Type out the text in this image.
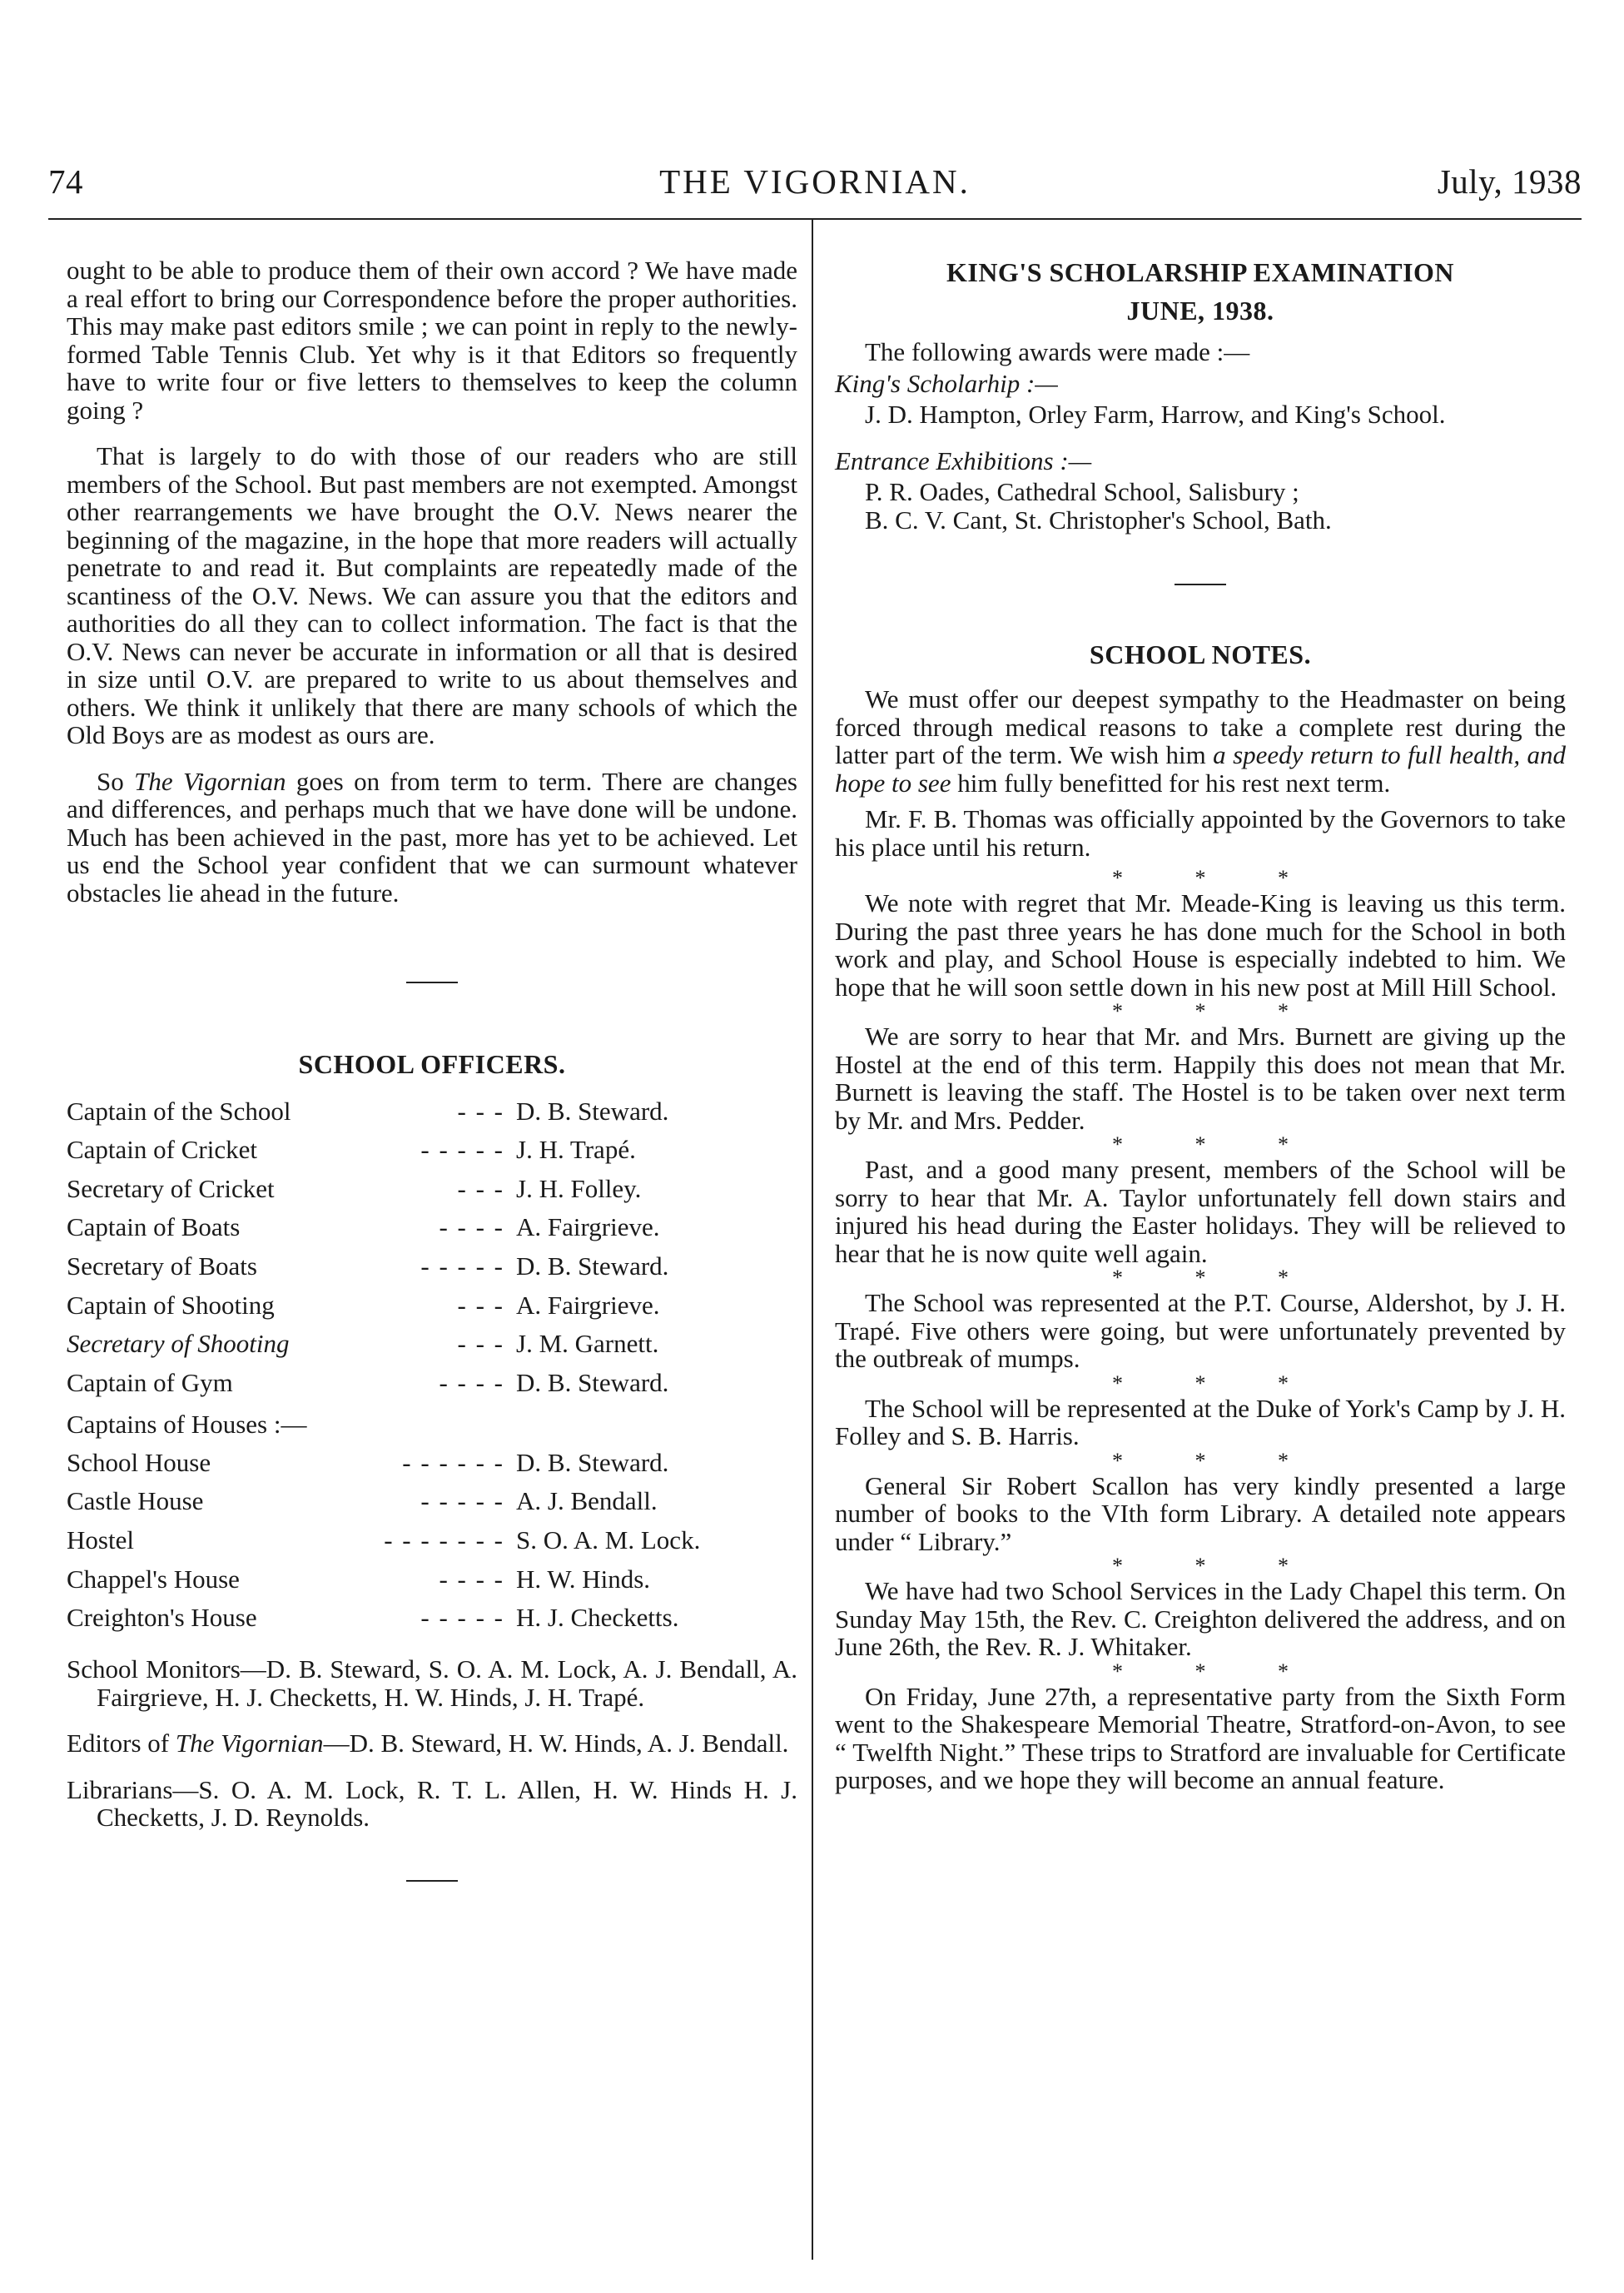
74	THE VIGORNIAN.	July, 1938

ought to be able to produce them of their own accord ? We have made a real effort to bring our Correspondence before the proper authorities. This may make past editors smile ; we can point in reply to the newly-formed Table Tennis Club. Yet why is it that Editors so frequently have to write four or five letters to themselves to keep the column going ?

That is largely to do with those of our readers who are still members of the School. But past members are not exempted. Amongst other rearrangements we have brought the O.V. News nearer the beginning of the magazine, in the hope that more readers will actually penetrate to and read it. But complaints are repeatedly made of the scantiness of the O.V. News. We can assure you that the editors and authorities do all they can to collect information. The fact is that the O.V. News can never be accurate in information or all that is desired in size until O.V. are prepared to write to us about themselves and others. We think it unlikely that there are many schools of which the Old Boys are as modest as ours are.

So The Vigornian goes on from term to term. There are changes and differences, and perhaps much that we have done will be undone. Much has been achieved in the past, more has yet to be achieved. Let us end the School year confident that we can surmount whatever obstacles lie ahead in the future.

SCHOOL OFFICERS.
Captain of the School - - -	D. B. Steward.
Captain of Cricket - - - - -	J. H. Trapé.
Secretary of Cricket - - -	J. H. Folley.
Captain of Boats - - - -	A. Fairgrieve.
Secretary of Boats - - - - -	D. B. Steward.
Captain of Shooting - - -	A. Fairgrieve.
Secretary of Shooting - - -	J. M. Garnett.
Captain of Gym - - - -	D. B. Steward.

Captains of Houses :—

School House - - - - - -	D. B. Steward.
Castle House - - - - -	A. J. Bendall.
Hostel - - - - - - -	S. O. A. M. Lock.
Chappel's House - - - -	H. W. Hinds.
Creighton's House - - - - -	H. J. Checketts.

School Monitors—D. B. Steward, S. O. A. M. Lock, A. J. Bendall, A. Fairgrieve, H. J. Checketts, H. W. Hinds, J. H. Trapé.

Editors of The Vigornian—D. B. Steward, H. W. Hinds, A. J. Bendall.

Librarians—S. O. A. M. Lock, R. T. L. Allen, H. W. Hinds H. J. Checketts, J. D. Reynolds.

KING'S SCHOLARSHIP EXAMINATION
JUNE, 1938.

The following awards were made :—

King's Scholarhip :—

J. D. Hampton, Orley Farm, Harrow, and King's School.

Entrance Exhibitions :—

P. R. Oades, Cathedral School, Salisbury ;

B. C. V. Cant, St. Christopher's School, Bath.

SCHOOL NOTES.

We must offer our deepest sympathy to the Headmaster on being forced through medical reasons to take a complete rest during the latter part of the term. We wish him a speedy return to full health, and hope to see him fully benefitted for his rest next term.

Mr. F. B. Thomas was officially appointed by the Governors to take his place until his return.

* * *

We note with regret that Mr. Meade-King is leaving us this term. During the past three years he has done much for the School in both work and play, and School House is especially indebted to him. We hope that he will soon settle down in his new post at Mill Hill School.

* * *

We are sorry to hear that Mr. and Mrs. Burnett are giving up the Hostel at the end of this term. Happily this does not mean that Mr. Burnett is leaving the staff. The Hostel is to be taken over next term by Mr. and Mrs. Pedder.

* * *

Past, and a good many present, members of the School will be sorry to hear that Mr. A. Taylor unfortunately fell down stairs and injured his head during the Easter holidays. They will be relieved to hear that he is now quite well again.

* * *

The School was represented at the P.T. Course, Aldershot, by J. H. Trapé. Five others were going, but were unfortunately prevented by the outbreak of mumps.

* * *

The School will be represented at the Duke of York's Camp by J. H. Folley and S. B. Harris.

* * *

General Sir Robert Scallon has very kindly presented a large number of books to the VIth form Library. A detailed note appears under “ Library.”

* * *

We have had two School Services in the Lady Chapel this term. On Sunday May 15th, the Rev. C. Creighton delivered the address, and on June 26th, the Rev. R. J. Whitaker.

* * *

On Friday, June 27th, a representative party from the Sixth Form went to the Shakespeare Memorial Theatre, Stratford-on-Avon, to see “ Twelfth Night.” These trips to Stratford are invaluable for Certificate purposes, and we hope they will become an annual feature.
